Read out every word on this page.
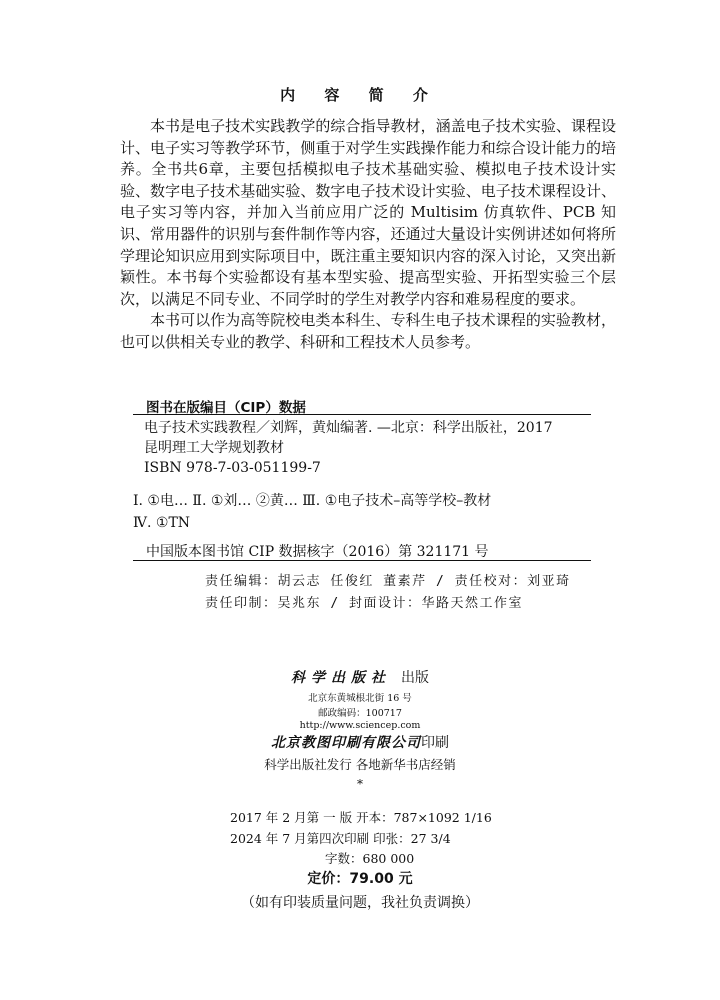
内 容 简 介

本书是电子技术实践教学的综合指导教材，涵盖电子技术实验、课程设计、电子实习等教学环节，侧重于对学生实践操作能力和综合设计能力的培养。全书共6章，主要包括模拟电子技术基础实验、模拟电子技术设计实验、数字电子技术基础实验、数字电子技术设计实验、电子技术课程设计、电子实习等内容，并加入当前应用广泛的 Multisim 仿真软件、PCB 知识、常用器件的识别与套件制作等内容，还通过大量设计实例讲述如何将所学理论知识应用到实际项目中，既注重主要知识内容的深入讨论，又突出新颖性。本书每个实验都设有基本型实验、提高型实验、开拓型实验三个层次，以满足不同专业、不同学时的学生对教学内容和难易程度的要求。

本书可以作为高等院校电类本科生、专科生电子技术课程的实验教材，也可以供相关专业的教学、科研和工程技术人员参考。

图书在版编目（CIP）数据
电子技术实践教程／刘辉，黄灿编著. —北京：科学出版社，2017
昆明理工大学规划教材
ISBN 978-7-03-051199-7
Ⅰ. ①电… Ⅱ. ①刘… ②黄… Ⅲ. ①电子技术–高等学校–教材
Ⅳ. ①TN
中国版本图书馆 CIP 数据核字（2016）第 321171 号
责任编辑：胡云志 任俊红 董素芹 / 责任校对：刘亚琦
责任印制：吴兆东 / 封面设计：华路天然工作室
科学出版社 出版
北京东黄城根北街 16 号
邮政编码：100717
http://www.sciencep.com
北京教图印刷有限公司印刷
科学出版社发行 各地新华书店经销
*
2017 年 2 月第 一 版 开本：787×1092 1/16
2024 年 7 月第四次印刷 印张：27 3/4
字数：680 000
定价：79.00 元
（如有印装质量问题，我社负责调换）
